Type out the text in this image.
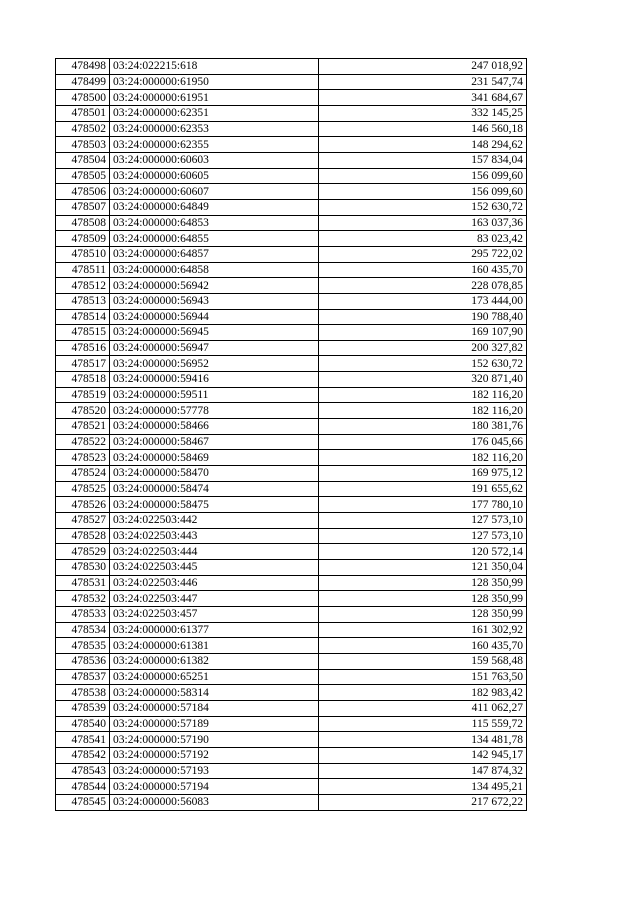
478498	03:24:022215:618	247 018,92
478499	03:24:000000:61950	231 547,74
478500	03:24:000000:61951	341 684,67
478501	03:24:000000:62351	332 145,25
478502	03:24:000000:62353	146 560,18
478503	03:24:000000:62355	148 294,62
478504	03:24:000000:60603	157 834,04
478505	03:24:000000:60605	156 099,60
478506	03:24:000000:60607	156 099,60
478507	03:24:000000:64849	152 630,72
478508	03:24:000000:64853	163 037,36
478509	03:24:000000:64855	83 023,42
478510	03:24:000000:64857	295 722,02
478511	03:24:000000:64858	160 435,70
478512	03:24:000000:56942	228 078,85
478513	03:24:000000:56943	173 444,00
478514	03:24:000000:56944	190 788,40
478515	03:24:000000:56945	169 107,90
478516	03:24:000000:56947	200 327,82
478517	03:24:000000:56952	152 630,72
478518	03:24:000000:59416	320 871,40
478519	03:24:000000:59511	182 116,20
478520	03:24:000000:57778	182 116,20
478521	03:24:000000:58466	180 381,76
478522	03:24:000000:58467	176 045,66
478523	03:24:000000:58469	182 116,20
478524	03:24:000000:58470	169 975,12
478525	03:24:000000:58474	191 655,62
478526	03:24:000000:58475	177 780,10
478527	03:24:022503:442	127 573,10
478528	03:24:022503:443	127 573,10
478529	03:24:022503:444	120 572,14
478530	03:24:022503:445	121 350,04
478531	03:24:022503:446	128 350,99
478532	03:24:022503:447	128 350,99
478533	03:24:022503:457	128 350,99
478534	03:24:000000:61377	161 302,92
478535	03:24:000000:61381	160 435,70
478536	03:24:000000:61382	159 568,48
478537	03:24:000000:65251	151 763,50
478538	03:24:000000:58314	182 983,42
478539	03:24:000000:57184	411 062,27
478540	03:24:000000:57189	115 559,72
478541	03:24:000000:57190	134 481,78
478542	03:24:000000:57192	142 945,17
478543	03:24:000000:57193	147 874,32
478544	03:24:000000:57194	134 495,21
478545	03:24:000000:56083	217 672,22
